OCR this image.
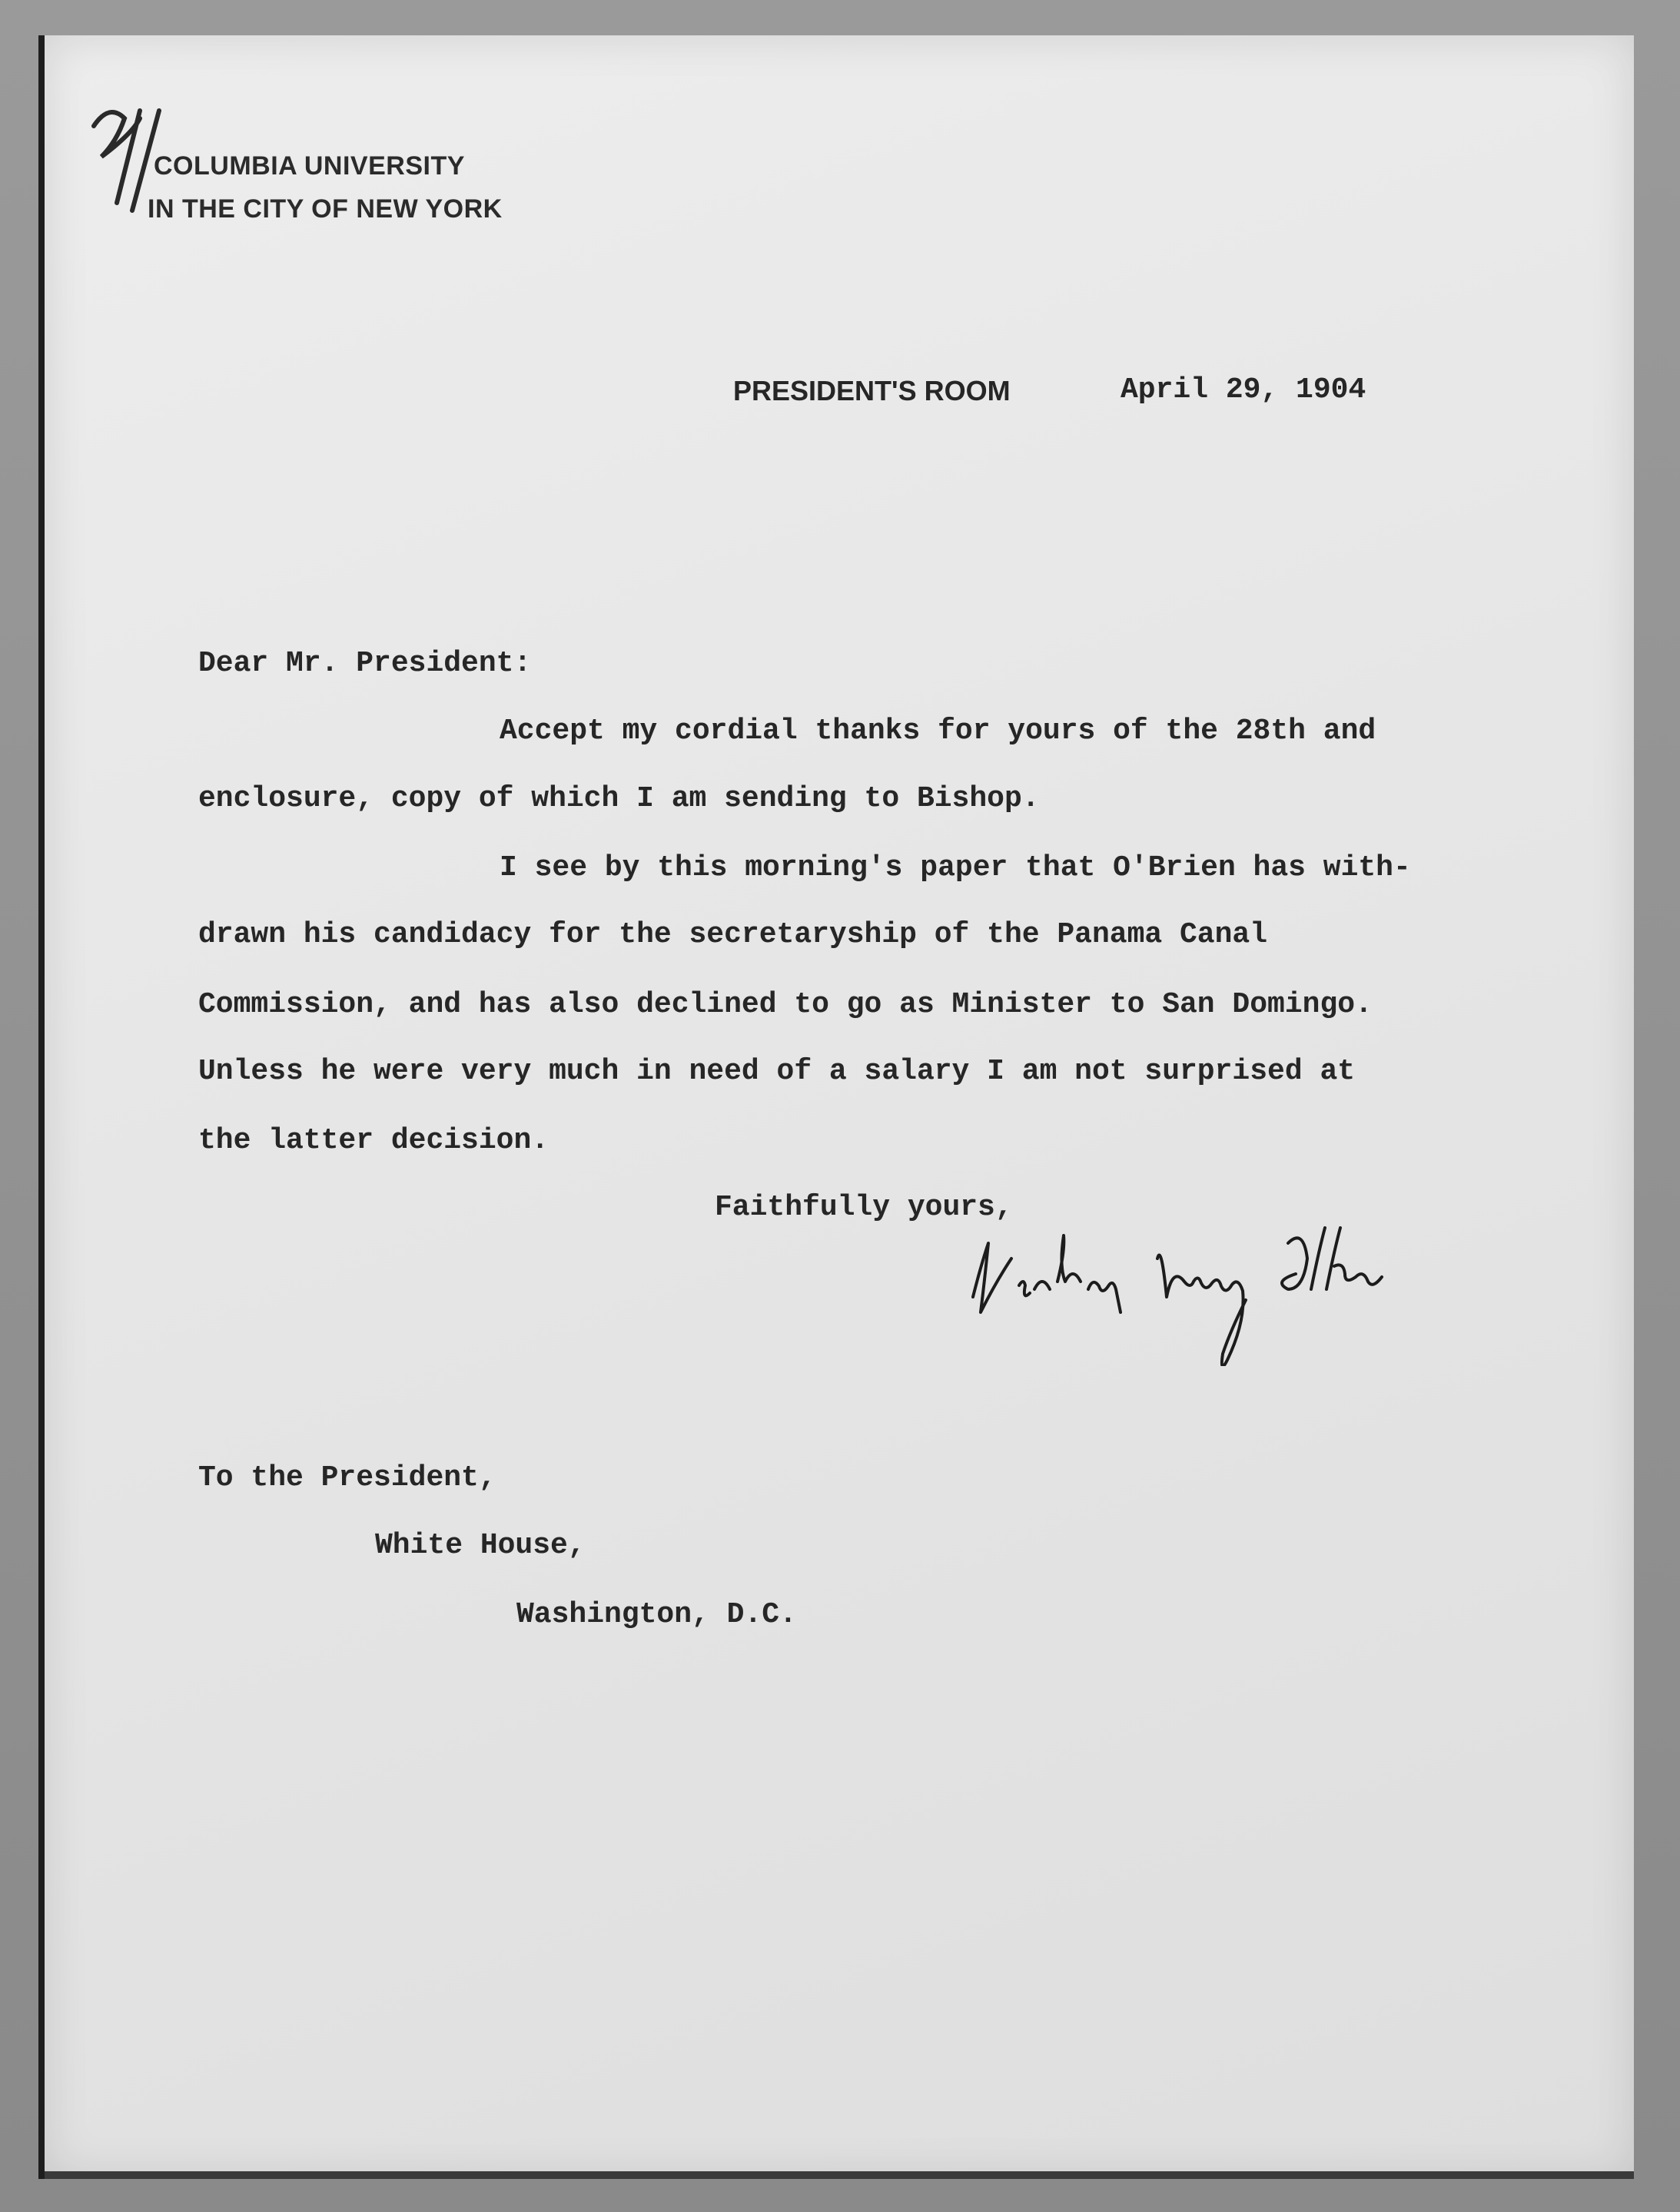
COLUMBIA UNIVERSITY
IN THE CITY OF NEW YORK
PRESIDENT'S ROOM	April 29, 1904
Dear Mr. President:
Accept my cordial thanks for yours of the 28th and
enclosure, copy of which I am sending to Bishop.
I see by this morning's paper that O'Brien has with-
drawn his candidacy for the secretaryship of the Panama Canal
Commission, and has also declined to go as Minister to San Domingo.
Unless he were very much in need of a salary I am not surprised at
the latter decision.
Faithfully yours,
To the President,
White House,
Washington, D.C.
